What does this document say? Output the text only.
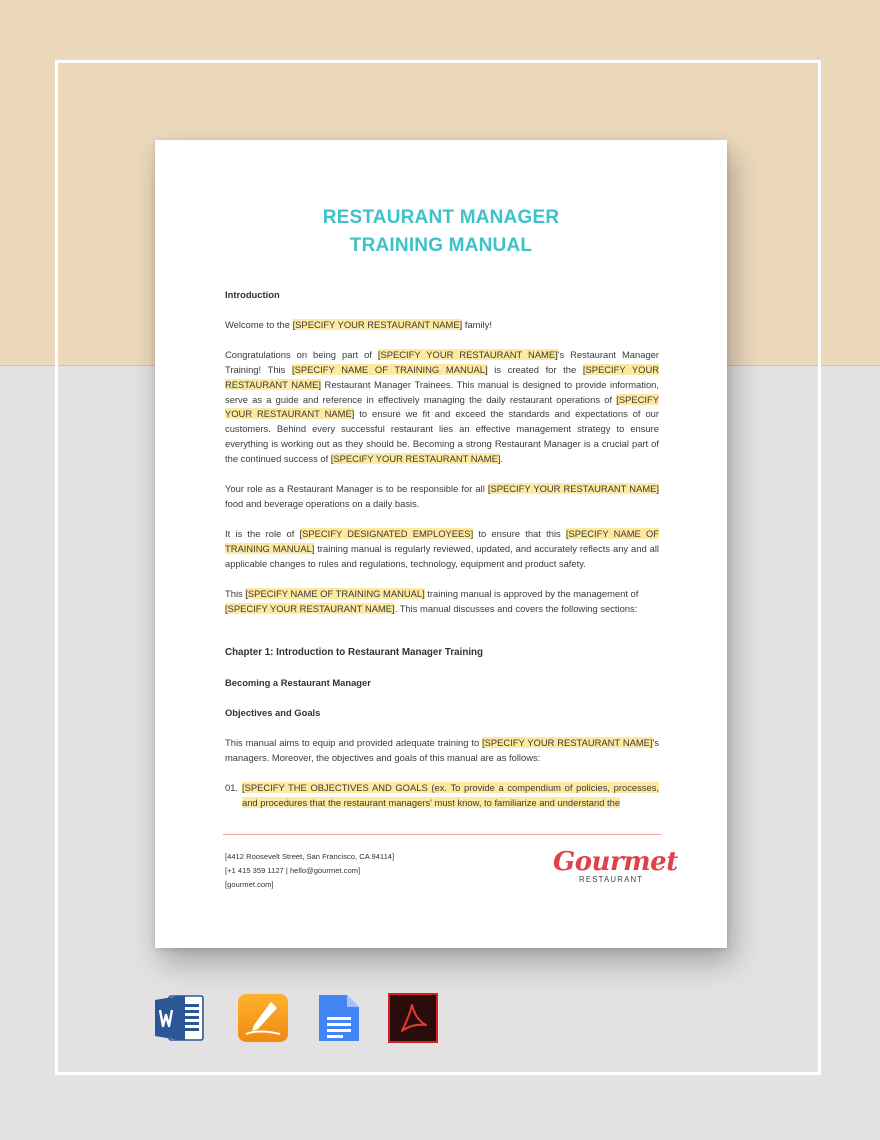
RESTAURANT MANAGER
TRAINING MANUAL

Introduction

Welcome to the [SPECIFY YOUR RESTAURANT NAME] family!

Congratulations on being part of [SPECIFY YOUR RESTAURANT NAME]'s Restaurant Manager Training! This [SPECIFY NAME OF TRAINING MANUAL] is created for the [SPECIFY YOUR RESTAURANT NAME] Restaurant Manager Trainees. This manual is designed to provide information, serve as a guide and reference in effectively managing the daily restaurant operations of [SPECIFY YOUR RESTAURANT NAME] to ensure we fit and exceed the standards and expectations of our customers. Behind every successful restaurant lies an effective management strategy to ensure everything is working out as they should be. Becoming a strong Restaurant Manager is a crucial part of the continued success of [SPECIFY YOUR RESTAURANT NAME].

Your role as a Restaurant Manager is to be responsible for all [SPECIFY YOUR RESTAURANT NAME] food and beverage operations on a daily basis.

It is the role of [SPECIFY DESIGNATED EMPLOYEES] to ensure that this [SPECIFY NAME OF TRAINING MANUAL] training manual is regularly reviewed, updated, and accurately reflects any and all applicable changes to rules and regulations, technology, equipment and product safety.

This [SPECIFY NAME OF TRAINING MANUAL] training manual is approved by the management of [SPECIFY YOUR RESTAURANT NAME]. This manual discusses and covers the following sections:

Chapter 1: Introduction to Restaurant Manager Training

Becoming a Restaurant Manager

Objectives and Goals

This manual aims to equip and provided adequate training to [SPECIFY YOUR RESTAURANT NAME]'s managers. Moreover, the objectives and goals of this manual are as follows:

01. [SPECIFY THE OBJECTIVES AND GOALS (ex. To provide a compendium of policies, processes, and procedures that the restaurant managers' must know, to familiarize and understand the
[4412 Roosevelt Street, San Francisco, CA 94114]
[+1 415 359 1127 | hello@gourmet.com]
[gourmet.com]
Gourmet
RESTAURANT
